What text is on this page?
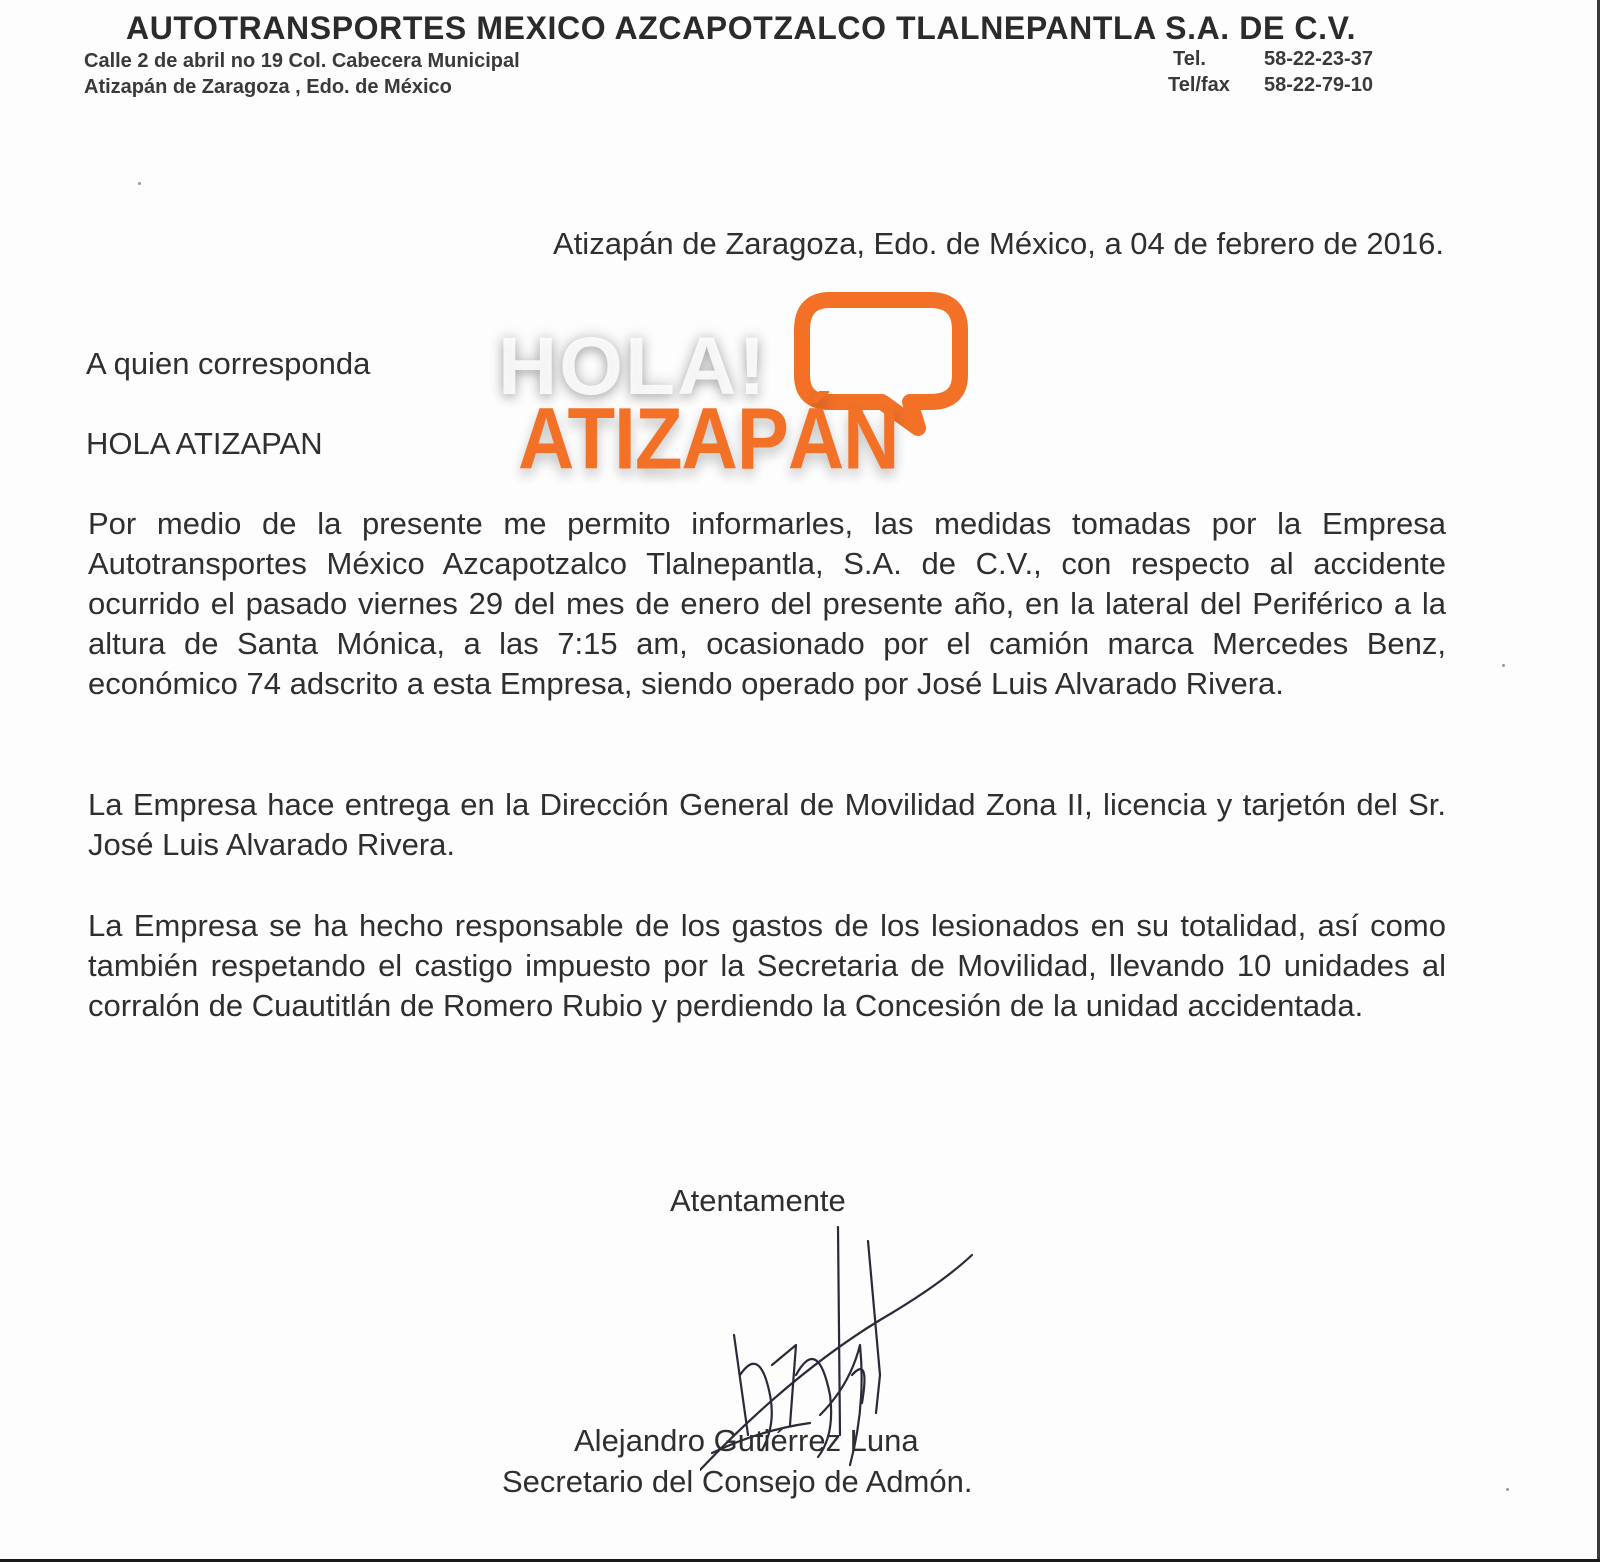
AUTOTRANSPORTES MEXICO AZCAPOTZALCO TLALNEPANTLA S.A. DE C.V.
Calle 2 de abril no 19 Col. Cabecera Municipal
Atizapán de Zaragoza , Edo. de México
Tel.	58-22-23-37
Tel/fax 58-22-79-10
Atizapán de Zaragoza, Edo. de México, a 04 de febrero de 2016.
A quien corresponda
HOLA ATIZAPAN
HOLA!
ATIZAPÁN
Por medio de la presente me permito informarles, las medidas tomadas por la Empresa Autotransportes México Azcapotzalco Tlalnepantla, S.A. de C.V., con respecto al accidente ocurrido el pasado viernes 29 del mes de enero del presente año, en la lateral del Periférico a la altura de Santa Mónica, a las 7:15 am, ocasionado por el camión marca Mercedes Benz, económico 74 adscrito a esta Empresa, siendo operado por José Luis Alvarado Rivera.
La Empresa hace entrega en la Dirección General de Movilidad Zona II, licencia y tarjetón del Sr. José Luis Alvarado Rivera.
La Empresa se ha hecho responsable de los gastos de los lesionados en su totalidad, así como también respetando el castigo impuesto por la Secretaria de Movilidad, llevando 10 unidades al corralón de Cuautitlán de Romero Rubio y perdiendo la Concesión de la unidad accidentada.
Atentamente
Alejandro Gutiérrez Luna
Secretario del Consejo de Admón.
